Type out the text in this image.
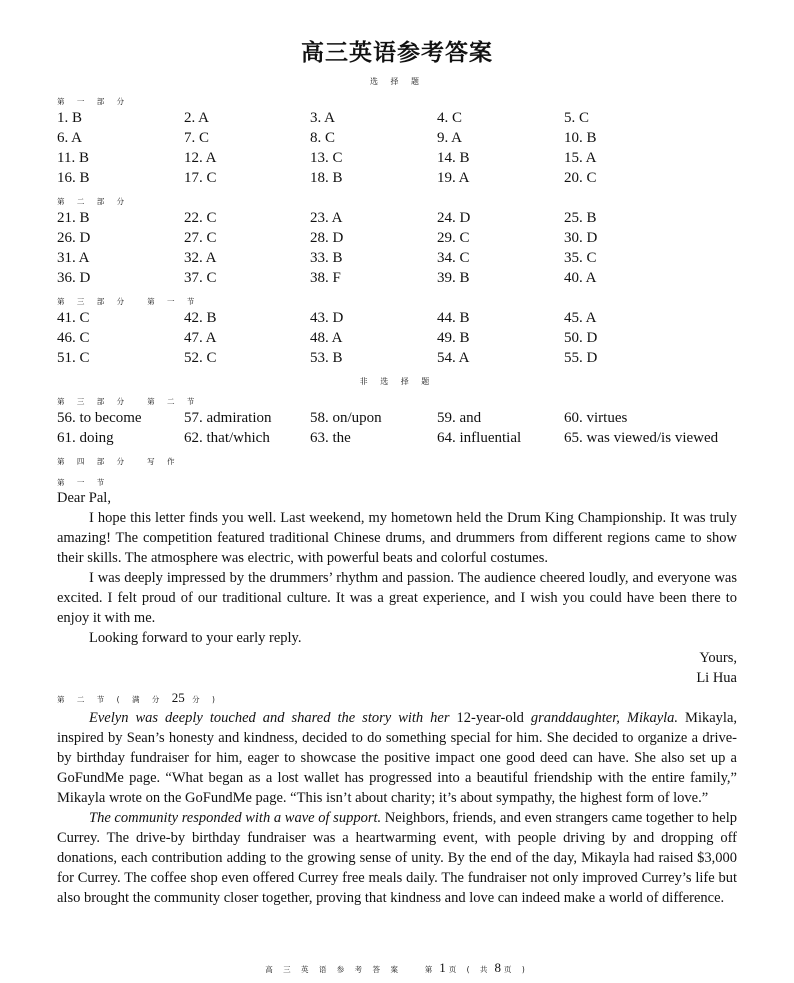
高三英语参考答案
选 择 题
第 一 部 分
1. B	2. A	3. A	4. C	5. C
6. A	7. C	8. C	9. A	10. B
11. B	12. A	13. C	14. B	15. A
16. B	17. C	18. B	19. A	20. C
第 二 部 分
21. B	22. C	23. A	24. D	25. B
26. D	27. C	28. D	29. C	30. D
31. A	32. A	33. B	34. C	35. C
36. D	37. C	38. F	39. B	40. A
第 三 部 分 第 一 节
41. C	42. B	43. D	44. B	45. A
46. C	47. A	48. A	49. B	50. D
51. C	52. C	53. B	54. A	55. D
非 选 择 题
第 三 部 分 第 二 节
56. to become	57. admiration	58. on/upon	59. and	60. virtues
61. doing	62. that/which	63. the	64. influential	65. was viewed/is viewed
第 四 部 分 写 作
第 一 节

Dear Pal,

I hope this letter finds you well. Last weekend, my hometown held the Drum King Championship. It was truly amazing! The competition featured traditional Chinese drums, and drummers from different regions came to show their skills. The atmosphere was electric, with powerful beats and colorful costumes.

I was deeply impressed by the drummers’ rhythm and passion. The audience cheered loudly, and everyone was excited. I felt proud of our traditional culture. It was a great experience, and I wish you could have been there to enjoy it with me.

Looking forward to your early reply.

Yours,
Li Hua
第 二 节 ( 满 分 25 分 )

Evelyn was deeply touched and shared the story with her 12-year-old granddaughter, Mikayla. Mikayla, inspired by Sean’s honesty and kindness, decided to do something special for him. She decided to organize a drive-by birthday fundraiser for him, eager to showcase the positive impact one good deed can have. She also set up a GoFundMe page. “What began as a lost wallet has progressed into a beautiful friendship with the entire family,” Mikayla wrote on the GoFundMe page. “This isn’t about charity; it’s about sympathy, the highest form of love.”

The community responded with a wave of support. Neighbors, friends, and even strangers came together to help Currey. The drive-by birthday fundraiser was a heartwarming event, with people driving by and dropping off donations, each contribution adding to the growing sense of unity. By the end of the day, Mikayla had raised $3,000 for Currey. The coffee shop even offered Currey free meals daily. The fundraiser not only improved Currey’s life but also brought the community closer together, proving that kindness and love can indeed make a world of difference.

高 三 英 语 参 考 答 案	第 1 页 ( 共 8 页 )
